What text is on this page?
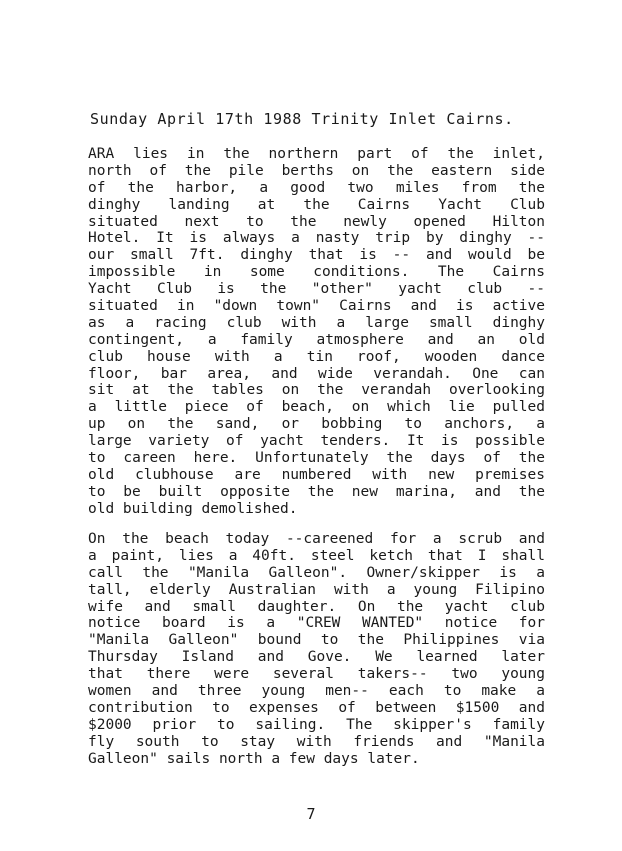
Sunday April 17th 1988 Trinity Inlet Cairns.
ARA lies in the northern part of the inlet,
north of the pile berths on the eastern side
of the harbor, a good two miles from the
dinghy landing at the Cairns Yacht Club
situated next to the newly opened Hilton
Hotel. It is always a nasty trip by dinghy --
our small 7ft. dinghy that is -- and would be
impossible in some conditions. The Cairns
Yacht Club is the "other" yacht club --
situated in "down town" Cairns and is active
as a racing club with a large small dinghy
contingent, a family atmosphere and an old
club house with a tin roof, wooden dance
floor, bar area, and wide verandah. One can
sit at the tables on the verandah overlooking
a little piece of beach, on which lie pulled
up on the sand, or bobbing to anchors, a
large variety of yacht tenders. It is possible
to careen here. Unfortunately the days of the
old clubhouse are numbered with new premises
to be built opposite the new marina, and the
old building demolished.
On the beach today --careened for a scrub and
a paint, lies a 40ft. steel ketch that I shall
call the "Manila Galleon". Owner/skipper is a
tall, elderly Australian with a young Filipino
wife and small daughter. On the yacht club
notice board is a "CREW WANTED" notice for
"Manila Galleon" bound to the Philippines via
Thursday Island and Gove. We learned later
that there were several takers-- two young
women and three young men-- each to make a
contribution to expenses of between $1500 and
$2000 prior to sailing. The skipper's family
fly south to stay with friends and "Manila
Galleon" sails north a few days later.
7
